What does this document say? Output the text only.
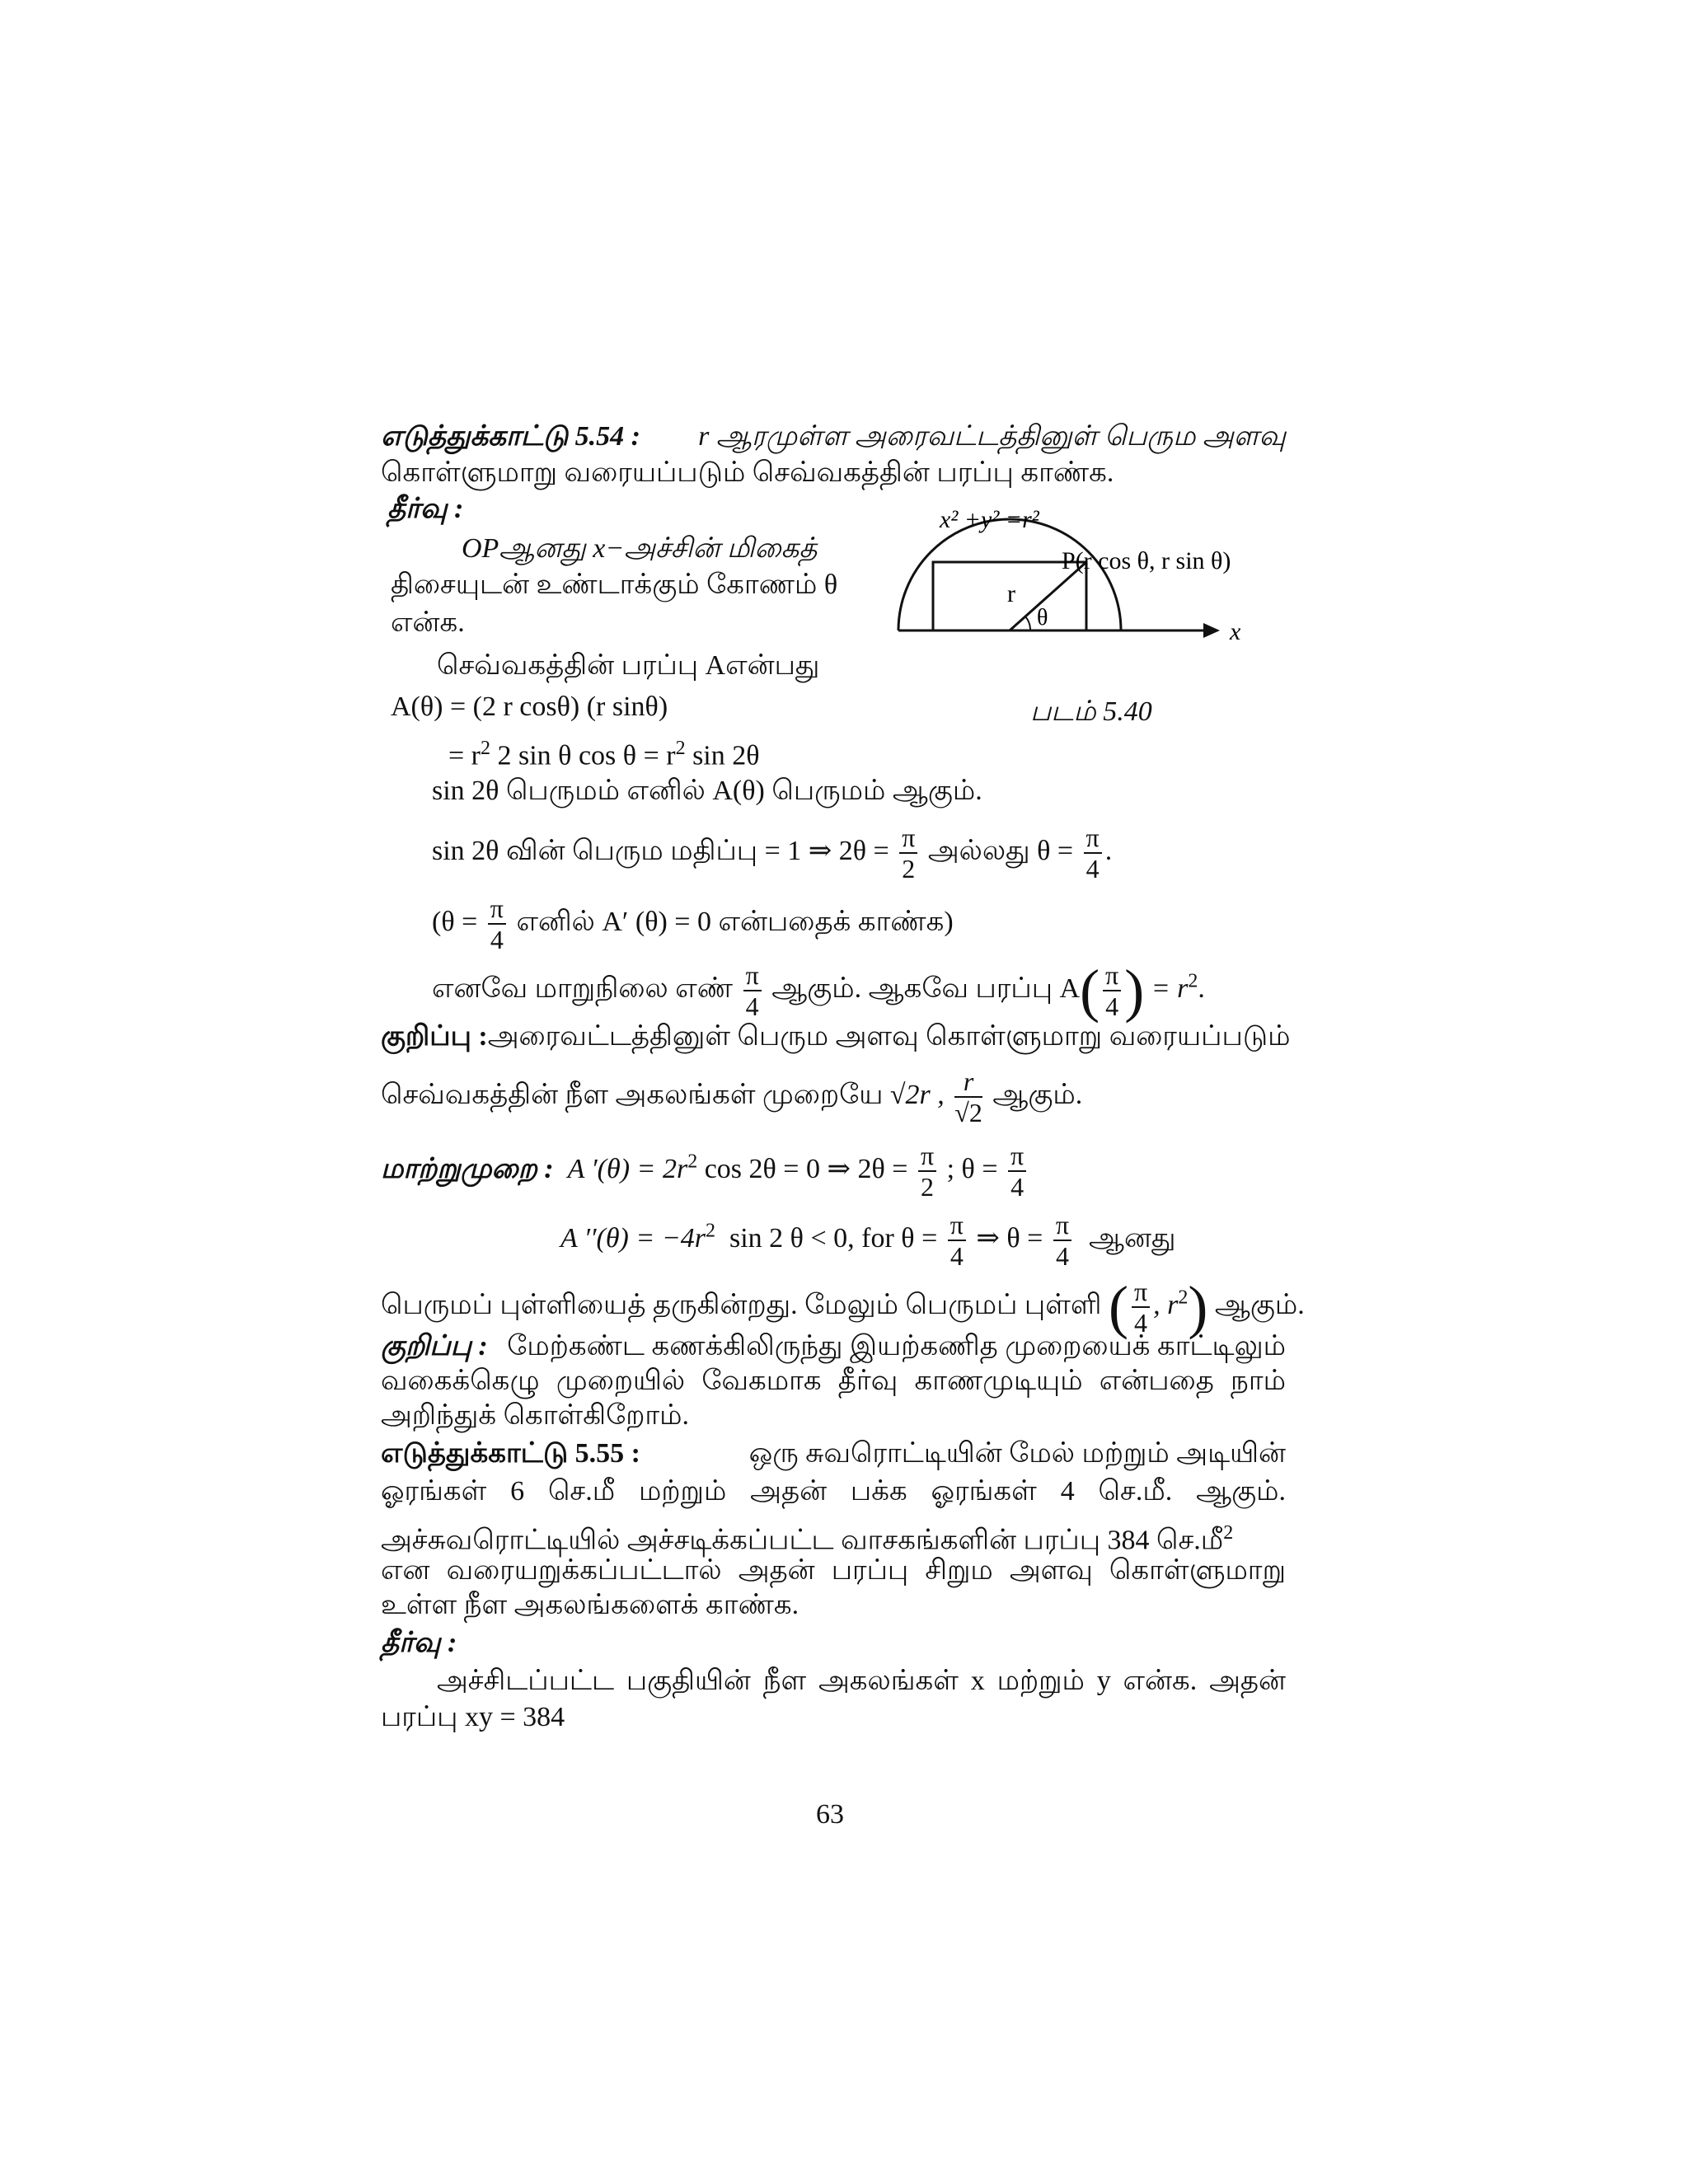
எடுத்துக்காட்டு 5.54 : r ஆரமுள்ள அரைவட்டத்தினுள் பெரும அளவு
கொள்ளுமாறு வரையப்படும் செவ்வகத்தின் பரப்பு காண்க.
தீர்வு :
OPஆனது x−அச்சின் மிகைத்
திசையுடன் உண்டாக்கும் கோணம் θ
என்க.
செவ்வகத்தின் பரப்பு Aஎன்பது
x² +y² =r²
P(r cos θ, r sin θ)
r
θ
x
A(θ) = (2 r cosθ) (r sinθ)	படம் 5.40
= $r^2$ 2 sin θ $\cos \theta = r^2$ sin 2θ
sin 2θ பெருமம் எனில் A(θ) பெருமம் ஆகும்.
sin 2θ வின் பெரும மதிப்பு = 1 ⇒ $2\theta = \frac{\pi}{2}$ அல்லது $\theta = \frac{\pi}{4}$ .
($\theta = \frac{\pi}{4}$ எனில் A′ (θ) = 0 என்பதைக் காண்க)
எனவே மாறுநிலை எண் $\frac{\pi}{4}$ ஆகும். ஆகவே பரப்பு $A( \frac{\pi}{4}$ ) = $r^2$.
குறிப்பு : அரைவட்டத்தினுள் பெரும அளவு கொள்ளுமாறு வரையப்படும்
செவ்வகத்தின் நீள அகலங்கள் முறையே √2r , $\frac{r}{√2}$ ஆகும்.
மாற்றுமுறை : A $'(\theta) = 2r^2$ cos 2θ = 0 ⇒ $2\theta = \frac{\pi}{2}$ ; $\theta = \frac{\pi}{4}$
A $''(\theta) = -4r^2$ sin 2 θ < 0, for $\theta = \frac{\pi}{4}$ ⇒ $\theta = \frac{\pi}{4}$ ஆனது
பெருமப் புள்ளியைத் தருகின்றது. மேலும் பெருமப் புள்ளி ( $\frac{\pi}{4}$ , $r^2$) ஆகும்.
குறிப்பு : மேற்கண்ட கணக்கிலிருந்து இயற்கணித முறையைக் காட்டிலும்
வகைக்கெழு முறையில் வேகமாக தீர்வு காணமுடியும் என்பதை நாம்
அறிந்துக் கொள்கிறோம்.
எடுத்துக்காட்டு 5.55 :	ஒரு சுவரொட்டியின் மேல் மற்றும் அடியின்
ஓரங்கள் 6 செ.மீ மற்றும் அதன் பக்க ஓரங்கள் 4 செ.மீ. ஆகும்.
அச்சுவரொட்டியில் அச்சடிக்கப்பட்ட வாசகங்களின் பரப்பு 384 செ.மீ$^2$
என வரையறுக்கப்பட்டால் அதன் பரப்பு சிறும அளவு கொள்ளுமாறு
உள்ள நீள அகலங்களைக் காண்க.
தீர்வு :
அச்சிடப்பட்ட பகுதியின் நீள அகலங்கள் x மற்றும் y என்க. அதன்
பரப்பு xy = 384
63
